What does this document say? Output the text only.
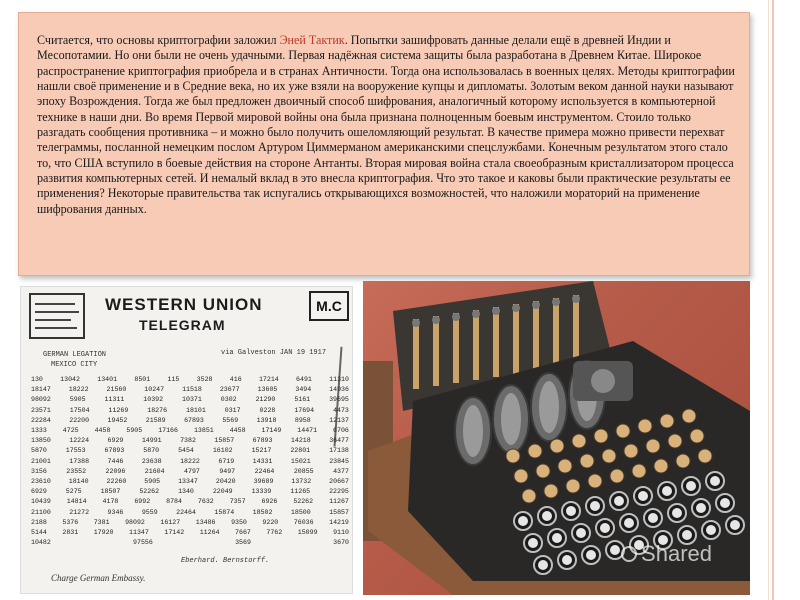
Считается, что основы криптографии заложил Эней Тактик. Попытки зашифровать данные делали ещё в древней Индии и Месопотамии. Но они были не очень удачными. Первая надёжная система защиты была разработана в Древнем Китае. Широкое распространение криптография приобрела и в странах Античности. Тогда она использовалась в военных целях. Методы криптографии нашли своё применение и в Средние века, но их уже взяли на вооружение купцы и дипломаты. Золотым веком данной науки называют эпоху Возрождения. Тогда же был предложен двоичный способ шифрования, аналогичный которому используется в компьютерной технике в наши дни. Во время Первой мировой войны она была признана полноценным боевым инструментом. Стоило только разгадать сообщения противника – и можно было получить ошеломляющий результат. В качестве примера можно привести перехват телеграммы, посланной немецким послом Артуром Циммерманом американскими спецслужбами. Конечным результатом этого стало то, что США вступило в боевые действия на стороне Антанты. Вторая мировая война стала своеобразным кристаллизатором процесса развития компьютерных сетей. И немалый вклад в это внесла криптография. Что это такое и каковы были практические результаты ее применения? Некоторые правительства так испугались открывающихся возможностей, что наложили мораторий на применение шифрования данных.

WESTERN UNION
TELEGRAM
M.C
GERMAN LEGATION
MEXICO CITY
via Galveston JAN 19 1917
130	13042	13401	8501	115	3528	416	17214	6491	11310
18147	18222	21560	10247	11518	23677	13605	3494	14936
98092	5905	11311	10392	10371	0302	21290	5161	39695
23571	17504	11269	18276	18101	0317	0228	17694	4473
22284	22200	19452	21589	67893	5569	13918	8958	12137
1333 4725 4458 5905 17166 13851 4458 17149 14471 6706
13850	12224	6929	14991	7382	15857	67893	14218	36477
5870	17553	67893	5870	5454	16102	15217	22801	17138
21001	17388	7446	23638	18222	6719	14331	15021	23845
3156	23552	22096	21604	4797	9497	22464	20855	4377
23610	18140	22260	5905	13347	20420	39689	13732	20667
6929	5275	18507	52262	1340	22049	13339	11265	22295
10439 14814 4178 6992 8784 7632 7357 6926 52262 11267
21100	21272	9346	9559	22464	15874	18502	18500	15857
2188 5376 7381 98092 16127 13486 9350 9220 76036 14219
5144 2831 17920 11347 17142 11264 7667 7762 15099 9110
10482	97556	3569	3670
Charge German Embassy.
Eberhard. Bernstorff.	Shared
